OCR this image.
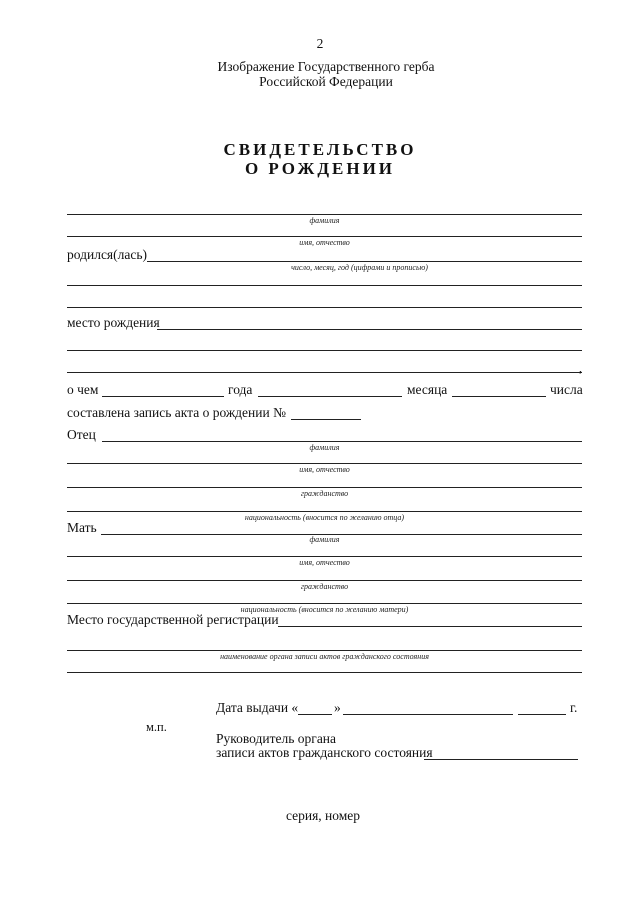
2
Изображение Государственного герба
Российской Федерации
СВИДЕТЕЛЬСТВО
О РОЖДЕНИИ
фамилия
имя, отчество
родился(лась)
число, месяц, год (цифрами и прописью)
место рождения
,
о чем	года	месяца	числа
составлена запись акта о рождении №
Отец
фамилия
имя, отчество
гражданство
национальность (вносится по желанию отца)
Мать
фамилия
имя, отчество
гражданство
национальность (вносится по желанию матери)
Место государственной регистрации
наименование органа записи актов гражданского состояния
Дата выдачи «	»	г.
м.п.
Руководитель органа
записи актов гражданского состояния
серия, номер
